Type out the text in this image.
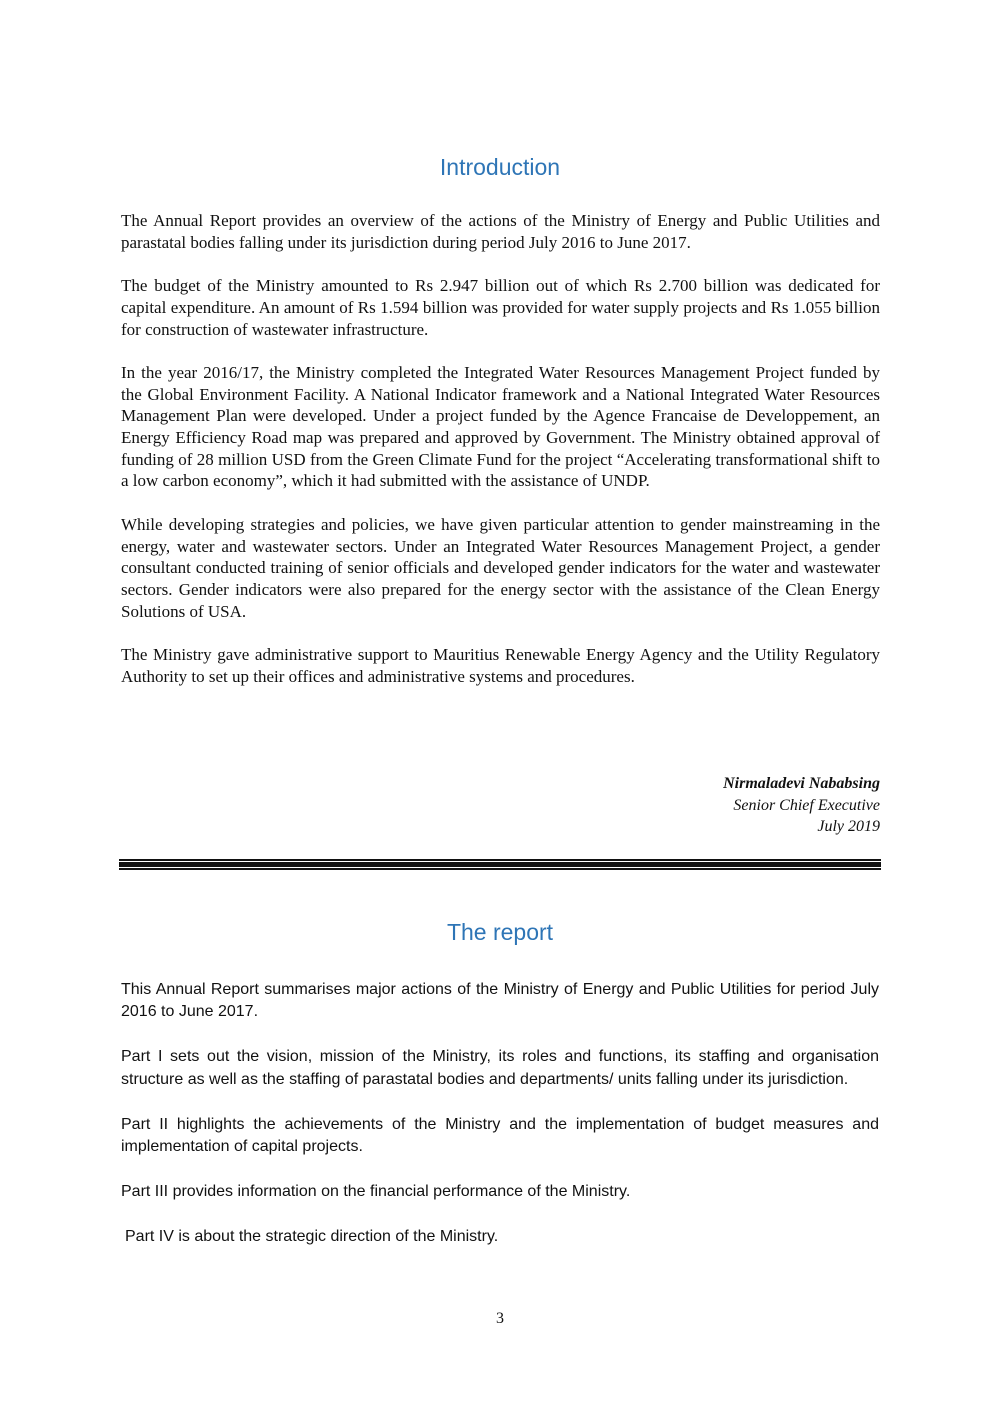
Introduction

The Annual Report provides an overview of the actions of the Ministry of Energy and Public Utilities and parastatal bodies falling under its jurisdiction during period July 2016 to June 2017.

The budget of the Ministry amounted to Rs 2.947 billion out of which Rs 2.700 billion was dedicated for capital expenditure. An amount of Rs 1.594 billion was provided for water supply projects and Rs 1.055 billion for construction of wastewater infrastructure.

In the year 2016/17, the Ministry completed the Integrated Water Resources Management Project funded by the Global Environment Facility. A National Indicator framework and a National Integrated Water Resources Management Plan were developed. Under a project funded by the Agence Francaise de Developpement, an Energy Efficiency Road map was prepared and approved by Government. The Ministry obtained approval of funding of 28 million USD from the Green Climate Fund for the project “Accelerating transformational shift to a low carbon economy”, which it had submitted with the assistance of UNDP.

While developing strategies and policies, we have given particular attention to gender mainstreaming in the energy, water and wastewater sectors. Under an Integrated Water Resources Management Project, a gender consultant conducted training of senior officials and developed gender indicators for the water and wastewater sectors. Gender indicators were also prepared for the energy sector with the assistance of the Clean Energy Solutions of USA.

The Ministry gave administrative support to Mauritius Renewable Energy Agency and the Utility Regulatory Authority to set up their offices and administrative systems and procedures.

Nirmaladevi Nababsing
Senior Chief Executive
July 2019
The report

This Annual Report summarises major actions of the Ministry of Energy and Public Utilities for period July 2016 to June 2017.

Part I sets out the vision, mission of the Ministry, its roles and functions, its staffing and organisation structure as well as the staffing of parastatal bodies and departments/ units falling under its jurisdiction.

Part II highlights the achievements of the Ministry and the implementation of budget measures and implementation of capital projects.

Part III provides information on the financial performance of the Ministry.

Part IV is about the strategic direction of the Ministry.

3
